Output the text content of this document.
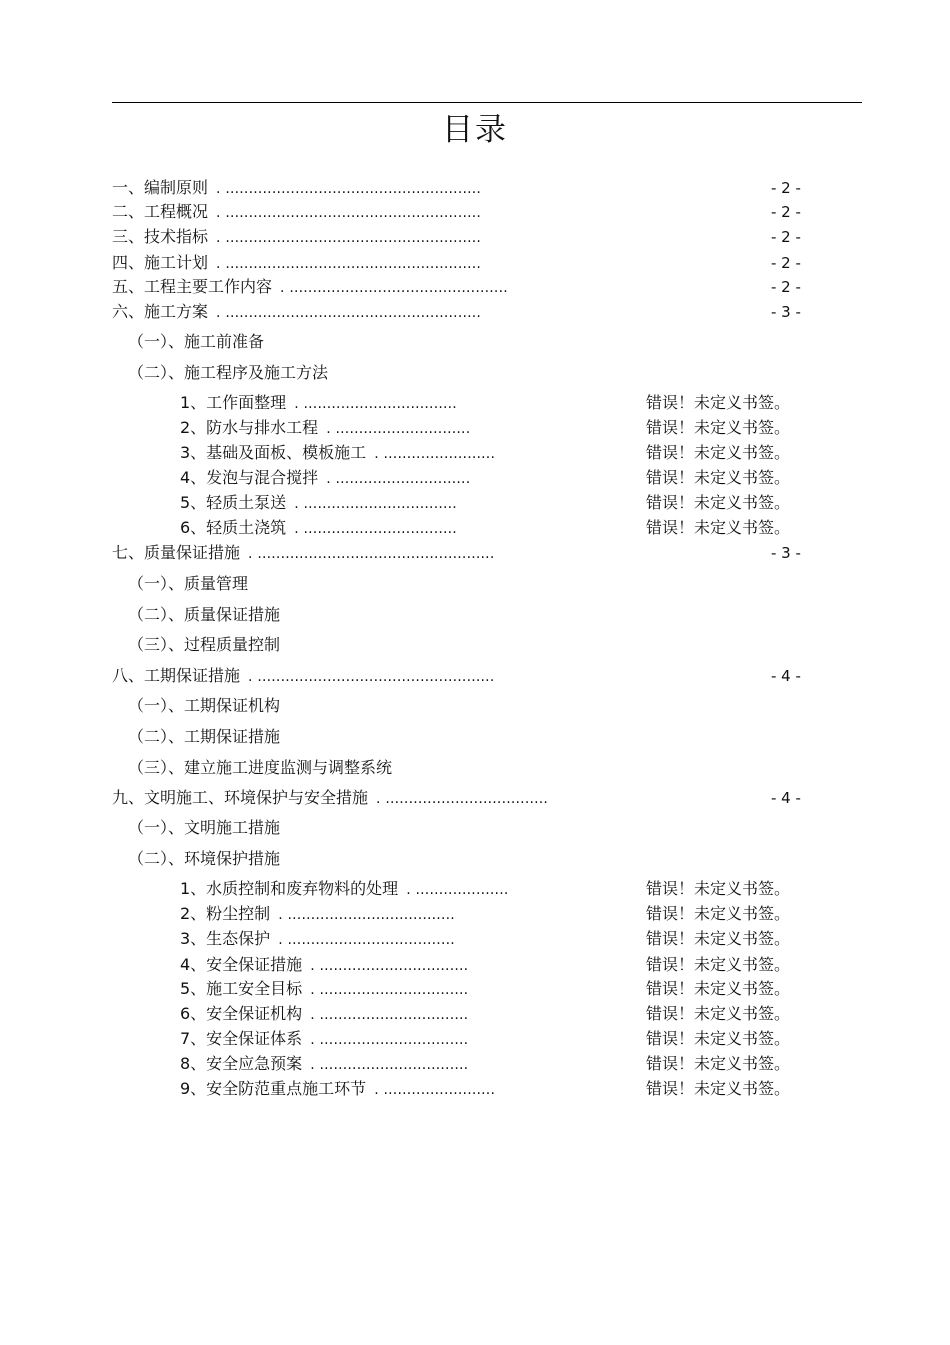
目录
一、编制原则 . .......................................................	- 2 -
二、工程概况 . .......................................................	- 2 -
三、技术指标 . .......................................................	- 2 -
四、施工计划 . .......................................................	- 2 -
五、工程主要工作内容 . ...............................................	- 2 -
六、施工方案 . .......................................................	- 3 -
（一）、施工前准备
（二）、施工程序及施工方法
1、工作面整理 . .................................	错误！未定义书签。
2、防水与排水工程 . .............................	错误！未定义书签。
3、基础及面板、模板施工 . ........................	错误！未定义书签。
4、发泡与混合搅拌 . .............................	错误！未定义书签。
5、轻质土泵送 . .................................	错误！未定义书签。
6、轻质土浇筑 . .................................	错误！未定义书签。
七、质量保证措施 . ...................................................	- 3 -
（一）、质量管理
（二）、质量保证措施
（三）、过程质量控制
八、工期保证措施 . ...................................................	- 4 -
（一）、工期保证机构
（二）、工期保证措施
（三）、建立施工进度监测与调整系统
九、文明施工、环境保护与安全措施 . ...................................	- 4 -
（一）、文明施工措施
（二）、环境保护措施
1、水质控制和废弃物料的处理 . ....................	错误！未定义书签。
2、粉尘控制 . ....................................	错误！未定义书签。
3、生态保护 . ....................................	错误！未定义书签。
4、安全保证措施 . ................................	错误！未定义书签。
5、施工安全目标 . ................................	错误！未定义书签。
6、安全保证机构 . ................................	错误！未定义书签。
7、安全保证体系 . ................................	错误！未定义书签。
8、安全应急预案 . ................................	错误！未定义书签。
9、安全防范重点施工环节 . ........................	错误！未定义书签。
